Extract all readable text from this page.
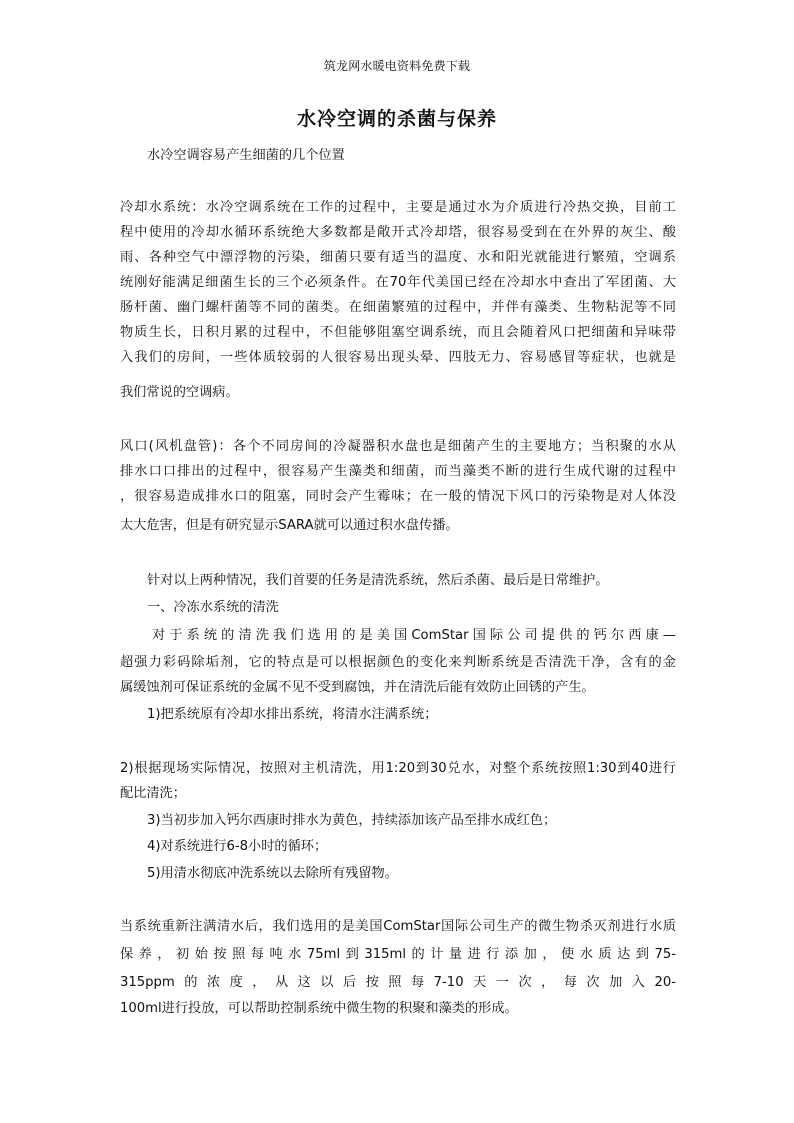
筑龙网水暖电资料免费下载
水冷空调的杀菌与保养
水冷空调容易产生细菌的几个位置
冷却水系统：水冷空调系统在工作的过程中，主要是通过水为介质进行冷热交换，目前工
程中使用的冷却水循环系统绝大多数都是敞开式冷却塔，很容易受到在在外界的灰尘、酸
雨、各种空气中漂浮物的污染，细菌只要有适当的温度、水和阳光就能进行繁殖，空调系
统刚好能满足细菌生长的三个必须条件。在70年代美国已经在冷却水中查出了军团菌、大
肠杆菌、幽门螺杆菌等不同的菌类。在细菌繁殖的过程中，并伴有藻类、生物粘泥等不同
物质生长，日积月累的过程中，不但能够阻塞空调系统，而且会随着风口把细菌和异味带
入我们的房间，一些体质较弱的人很容易出现头晕、四肢无力、容易感冒等症状，也就是
我们常说的空调病。
风口(风机盘管)：各个不同房间的冷凝器积水盘也是细菌产生的主要地方；当积聚的水从
排水口口排出的过程中，很容易产生藻类和细菌，而当藻类不断的进行生成代谢的过程中
，很容易造成排水口的阻塞，同时会产生霉味；在一般的情况下风口的污染物是对人体没
太大危害，但是有研究显示SARA就可以通过积水盘传播。
针对以上两种情况，我们首要的任务是清洗系统，然后杀菌、最后是日常维护。
一、冷冻水系统的清洗
对于系统的清洗我们选用的是美国ComStar国际公司提供的钙尔西康—
超强力彩码除垢剂，它的特点是可以根据颜色的变化来判断系统是否清洗干净，含有的金
属缓蚀剂可保证系统的金属不见不受到腐蚀，并在清洗后能有效防止回锈的产生。
1)把系统原有冷却水排出系统，将清水注满系统；
2)根据现场实际情况，按照对主机清洗，用1:20到30兑水，对整个系统按照1:30到40进行
配比清洗；
3)当初步加入钙尔西康时排水为黄色，持续添加该产品至排水成红色；
4)对系统进行6-8小时的循环；
5)用清水彻底冲洗系统以去除所有残留物。
当系统重新注满清水后，我们选用的是美国ComStar国际公司生产的微生物杀灭剂进行水质
保养，初始按照每吨水75ml到315ml的计量进行添加，使水质达到75-
315ppm的浓度，从这以后按照每7-10天一次，每次加入20-
100ml进行投放，可以帮助控制系统中微生物的积聚和藻类的形成。
